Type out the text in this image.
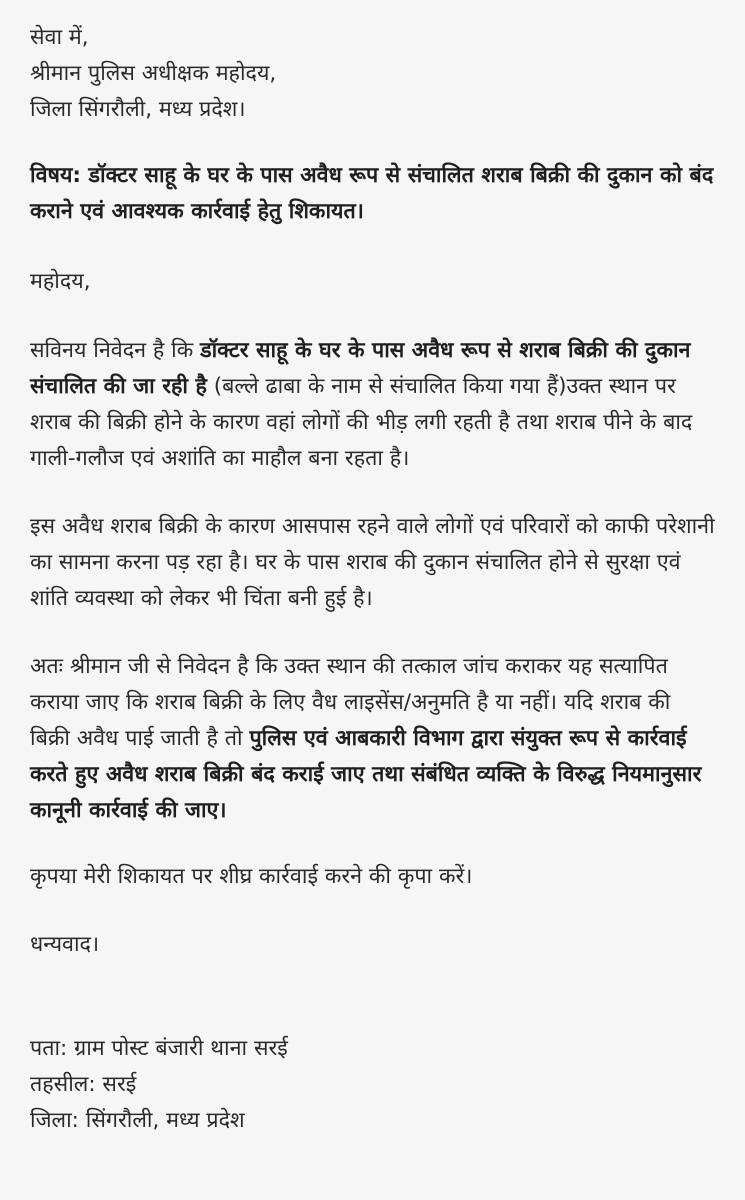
सेवा में,
श्रीमान पुलिस अधीक्षक महोदय,
जिला सिंगरौली, मध्य प्रदेश।

विषय: डॉक्टर साहू के घर के पास अवैध रूप से संचालित शराब बिक्री की दुकान को बंद कराने एवं आवश्यक कार्रवाई हेतु शिकायत।

महोदय,

सविनय निवेदन है कि डॉक्टर साहू के घर के पास अवैध रूप से शराब बिक्री की दुकान संचालित की जा रही है (बल्ले ढाबा के नाम से संचालित किया गया हैं)उक्त स्थान पर शराब की बिक्री होने के कारण वहां लोगों की भीड़ लगी रहती है तथा शराब पीने के बाद गाली-गलौज एवं अशांति का माहौल बना रहता है।

इस अवैध शराब बिक्री के कारण आसपास रहने वाले लोगों एवं परिवारों को काफी परेशानी का सामना करना पड़ रहा है। घर के पास शराब की दुकान संचालित होने से सुरक्षा एवं शांति व्यवस्था को लेकर भी चिंता बनी हुई है।

अतः श्रीमान जी से निवेदन है कि उक्त स्थान की तत्काल जांच कराकर यह सत्यापित कराया जाए कि शराब बिक्री के लिए वैध लाइसेंस/अनुमति है या नहीं। यदि शराब की बिक्री अवैध पाई जाती है तो पुलिस एवं आबकारी विभाग द्वारा संयुक्त रूप से कार्रवाई करते हुए अवैध शराब बिक्री बंद कराई जाए तथा संबंधित व्यक्ति के विरुद्ध नियमानुसार कानूनी कार्रवाई की जाए।

कृपया मेरी शिकायत पर शीघ्र कार्रवाई करने की कृपा करें।

धन्यवाद।

पता: ग्राम पोस्ट बंजारी थाना सरई
तहसील: सरई
जिला: सिंगरौली, मध्य प्रदेश
